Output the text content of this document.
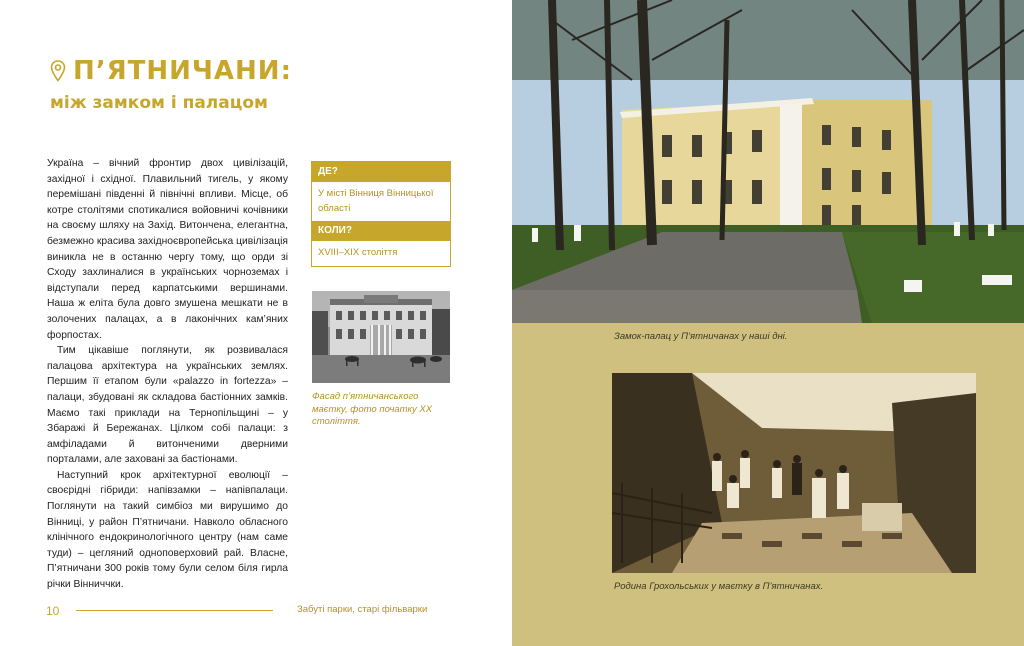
П’ЯТНИЧАНИ:
між замком і палацом

Україна – вічний фронтир двох цивілізацій, західної і східної. Плавильний тигель, у якому перемішані південні й північні впливи. Місце, об котре столітями спотикалися войовничі кочівники на своєму шляху на Захід. Витончена, елегантна, безмежно красива західноєвропейська цивілізація виникла не в останню чергу тому, що орди зі Сходу захлиналися в українських чорноземах і відступали перед карпатськими вершинами. Наша ж еліта була довго змушена мешкати не в золочених палацах, а в лаконічних кам’яних форпостах.

Тим цікавіше поглянути, як розвивалася палацова архітектура на українських землях. Першим її етапом були «palazzo in fortezza» – палаци, збудовані як складова бастіонних замків. Маємо такі приклади на Тернопільщині – у Збаражі й Бережанах. Цілком собі палаци: з амфіладами й витонченими дверними порталами, але заховані за бастіонами.

Наступний крок архітектурної еволюції – своєрідні гібриди: напівзамки – напівпалаци. Поглянути на такий симбіоз ми вирушимо до Вінниці, у район П’ятничани. Навколо обласного клінічного ендокринологічного центру (нам саме туди) – цегляний одноповерховий рай. Власне, П’ятничани 300 років тому були селом біля гирла річки Вінниччки.

ДЕ?
У місті Вінниця Вінницької області
КОЛИ?
XVIII–XIX століття
Фасад п’ятничанського маєтку, фото початку XX століття.
10	Забуті парки, старі фільварки
Замок-палац у П’ятничанах у наші дні.
Родина Грохольських у маєтку в П’ятничанах.
